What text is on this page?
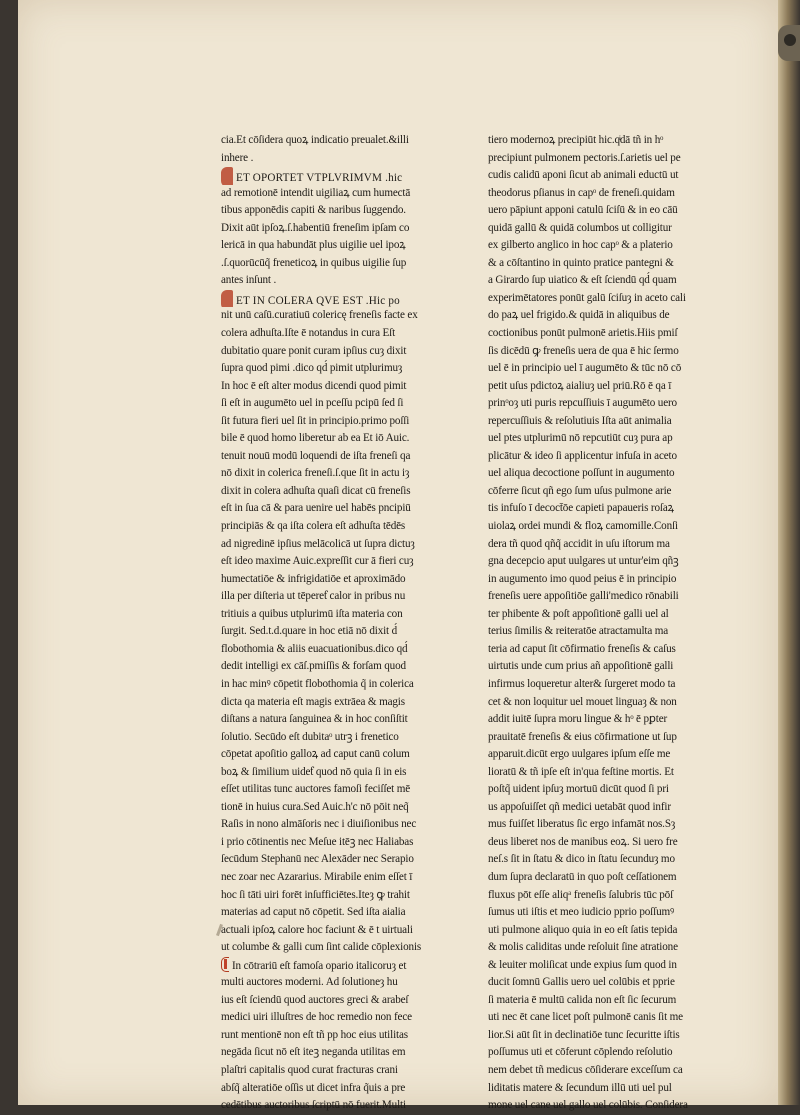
cia.Et cōſidera quoꝝ indicatio preualet.&illi
inhere .
ET OPORTET VTPLVRIMVM .hic
ad remotionē intendit uigiliaꝝ cum humectā
tibus apponēdis capiti & naribus ſuggendo.
Dixit aūt ipſoꝝ.ſ.habentiū freneſim ipſam co
lericā in qua habundāt plus uigilie uel ipoꝝ
.ſ.quorūcūq̃ freneticoꝝ in quibus uigilie ſup
antes inſunt .
ET IN COLERA QVE EST .Hic po
nit unū caſū.curatiuū colericę freneſis facte ex
colera adhuſta.Iſte ē notandus in cura Eſt
dubitatio quare ponit curam ipſius cuȝ dixit
ſupra quod pimi .dico qd́ pimit utplurimuȝ
In hoc ē eſt alter modus dicendi quod pimit
ſi eſt in augumēto uel in pceſſu pcipū ſed ſi
ſit futura fieri uel ſit in principio.primo poſſi
bile ē quod homo liberetur ab ea Et iō Auic.
tenuit nouū modū loquendi de iſta freneſi qa
nō dixit in colerica freneſi.ſ.que ſit in actu iȝ
dixit in colera adhuſta quaſi dicat cū freneſis
eſt in ſua cā & para uenire uel habēs pncipiū
principiās & qa iſta colera eſt adhuſta tēdēs
ad nigredinē ipſius melācolicā ut ſupra dictuȝ
eſt ideo maxime Auic.expreſſit cur ā fieri cuȝ
humectatiōe & infrigidatiōe et aproximādo
illa per diſteria ut tēpereƭ calor in pribus nu
tritiuis a quibus utplurimū iſta materia con
ſurgit. Sed.t.d.quare in hoc etiā nō dixit d́
flobothomia & aliis euacuationibus.dico qd́
dedit intelligi ex cāſ.pmiſſis & forſam quod
in hac minꝰ cōpetit flobothomia q̃ in colerica
dicta qa materia eſt magis extrāea & magis
diſtans a natura ſanguinea & in hoc conſiſtit
ſolutio. Secūdo eſt dubitaᵒ utrꝫ i frenetico
cōpetat apoſitio galloꝝ ad caput canū colum
boꝝ & ſimilium uideƭ quod nō quia ſi in eis
eſſet utilitas tunc auctores famoſi feciſſet mē
tionē in huius cura.Sed Auic.h'c nō pōit neq̃
Raſis in nono almāſoris nec i diuiſionibus nec
i prio cōtinentis nec Meſue itēꝫ nec Haliabas
ſecūdum Stephanū nec Alexāder nec Serapio
nec zoar nec Azararius. Mirabile enim eſſet ī
hoc ſi tāti uiri forēt inſufficiētes.Iteȝ ꝙ trahit
materias ad caput nō cōpetit. Sed iſta aialia
actuali ipſoꝝ calore hoc faciunt & ē t uirtuali
ut columbe & galli cum ſint calide cōplexionis
In cōtrariū eſt famoſa opario italicoruȝ et
multi auctores moderni. Ad ſolutioneȝ hu
ius eſt ſciendū quod auctores greci & arabeſ
medici uiri illuſtres de hoc remedio non fece
runt mentionē non eſt tñ pp hoc eius utilitas
negāda ſicut nō eſt iteꝫ neganda utilitas em
plaſtri capitalis quod curat fracturas crani
abſq̃ alteratiōe oſſis ut dicet infra q̃uis a pre
cedētibus auctoribus ſcriptū nō fuerit.Multi
tiero modernoꝝ precipiūt hic.qͥdā tñ in hᵒ
precipiunt pulmonem pectoris.ſ.arietis uel pe
cudis calidū aponi ſicut ab animali eductū ut
theodorus pſianus in capᵒ de freneſi.quidam
uero pāpiunt apponi catulū ſciſū & in eo cāū
quidā gallū & quidā columbos ut colligitur
ex gilberto anglico in hoc capᵒ & a platerio
& a cōſtantino in quinto pratice pantegni &
a Girardo ſup uiatico & eſt ſciendū qd́ quam
experimētatores ponūt galū ſciſuȝ in aceto cali
do paꝝ uel frigido.& quidā in aliquibus de
coctionibus ponūt pulmonē arietis.Hiis pmiſ
ſis dicēdū ꝙ freneſis uera de qua ē hic ſermo
uel ē in principio uel ī augumēto & tūc nō cō
petit uſus pdictoꝝ aialiuȝ uel priū.Rō ē qa ī
prinᵒoȝ uti puris repcuſſiuis ī augumēto uero
repercuſſiuis & reſolutiuis Iſta aūt animalia
uel ptes utplurimū nō repcutiūt cuȝ pura ap
plicātur & ideo ſi applicentur infuſa in aceto
uel aliqua decoctione poſſunt in augumento
cōferre ſicut qñ ego ſum uſus pulmone arie
tis infuſo ī decoct̄ōe capieti papaueris roſaꝝ
uiolaꝝ ordei mundi & floꝝ camomille.Conſi
dera tñ quod qñq̃ accidit in uſu iſtorum ma
gna decepcio aput uulgares ut untur'eim qñꝫ
in augumento imo quod peius ē in principio
freneſis uere appoſitiōe galli'medico rōnabili
ter phibente & poſt appoſitionē galli uel al
terius ſimilis & reiteratōe atractamulta ma
teria ad caput ſit cōfirmatio freneſis & caſus
uirtutis unde cum prius añ appoſitionē galli
infirmus loqueretur alter& ſurgeret modo ta
cet & non loquitur uel mouet linguaȝ & non
addit iuitē ſupra moru lingue & hᵒ ē pꝑter
prauitatē freneſis & eius cōfirmatione ut ſup
apparuit.dicūt ergo uulgares ipſum eſſe me
lioratū & tñ ipſe eſt in'qua feſtine mortis. Et
poſtq̃ uident ipſuȝ mortuū dicūt quod ſi pri
us appoſuiſſet qñ medici uetabāt quod infir
mus fuiſſet liberatus ſic ergo infamāt nos.Sȝ
deus liberet nos de manibus eoꝝ. Si uero fre
neſ.s ſit in ſtatu & dico in ſtatu ſecunduȝ mo
dum ſupra declaratū in quo poſt ceſſationem
fluxus pōt eſſe aliqᵃ freneſis ſalubris tūc pōſ
ſumus uti iſtis et meo iudicio pprio poſſumꝰ
uti pulmone aliquo quia in eo eſt ſatis tepida
& molis caliditas unde reſoluit ſine atratione
& leuiter moliſicat unde expius ſum quod in
ducit ſomnū Gallis uero uel colūbis et pprie
ſi materia ē multū calida non eſt ſic ſecurum
uti nec ēt cane licet poſt pulmonē canis ſit me
lior.Si aūt ſit in declinatiōe tunc ſecuritte iſtis
poſſumus uti et cōferunt cōplendo reſolutio
nem debet tñ medicus cōſiderare exceſſum ca
liditatis matere & ſecundum illū uti uel pul
mone uel cane uel gallo uel colūbis. Conſidera
